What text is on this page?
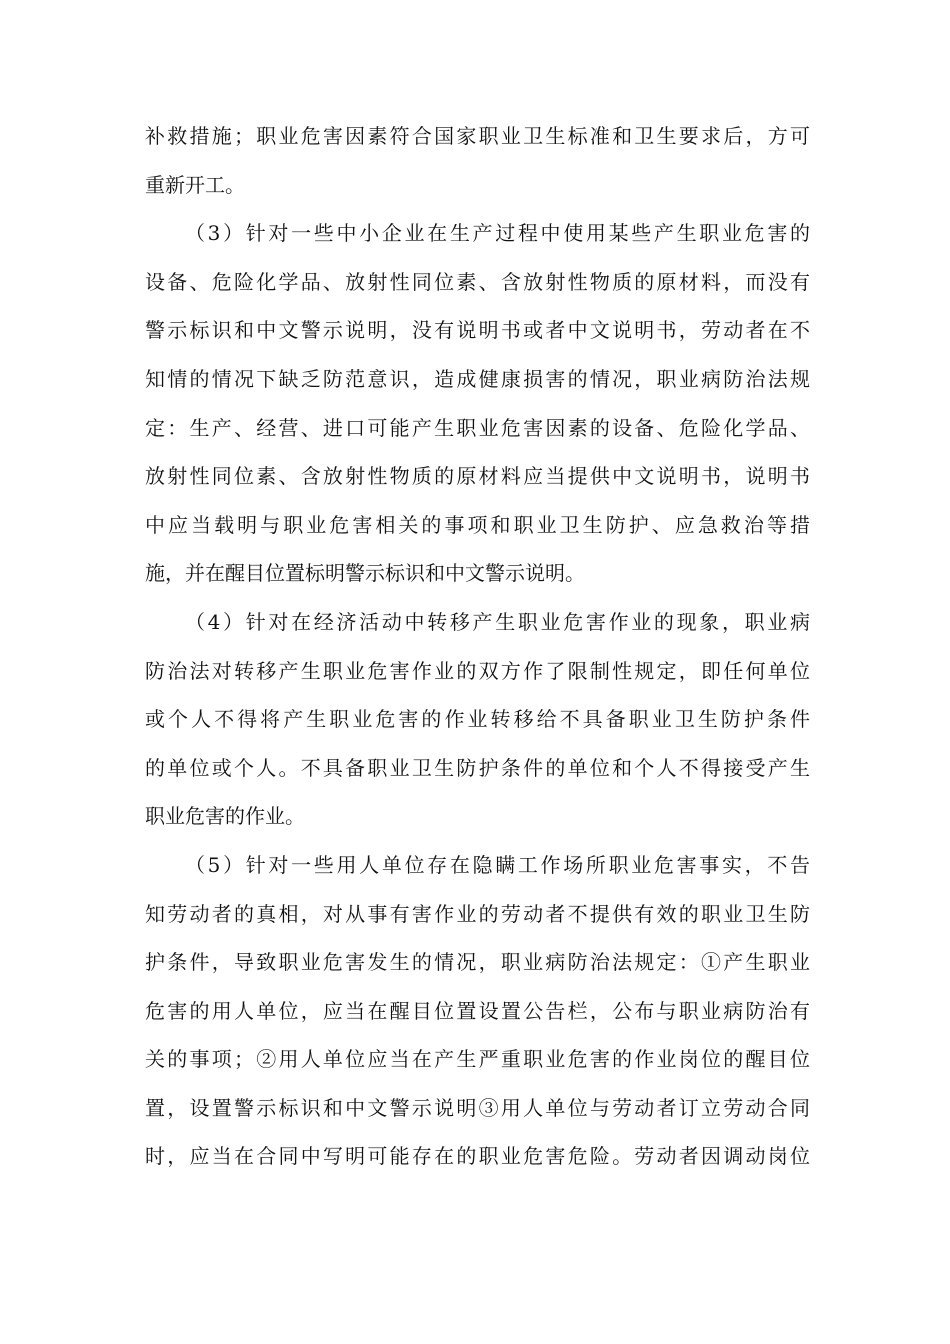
补救措施；职业危害因素符合国家职业卫生标准和卫生要求后，方可
重新开工。
（3）针对一些中小企业在生产过程中使用某些产生职业危害的
设备、危险化学品、放射性同位素、含放射性物质的原材料，而没有
警示标识和中文警示说明，没有说明书或者中文说明书，劳动者在不
知情的情况下缺乏防范意识，造成健康损害的情况，职业病防治法规
定：生产、经营、进口可能产生职业危害因素的设备、危险化学品、
放射性同位素、含放射性物质的原材料应当提供中文说明书，说明书
中应当载明与职业危害相关的事项和职业卫生防护、应急救治等措
施，并在醒目位置标明警示标识和中文警示说明。
（4）针对在经济活动中转移产生职业危害作业的现象，职业病
防治法对转移产生职业危害作业的双方作了限制性规定，即任何单位
或个人不得将产生职业危害的作业转移给不具备职业卫生防护条件
的单位或个人。不具备职业卫生防护条件的单位和个人不得接受产生
职业危害的作业。
（5）针对一些用人单位存在隐瞒工作场所职业危害事实，不告
知劳动者的真相，对从事有害作业的劳动者不提供有效的职业卫生防
护条件，导致职业危害发生的情况，职业病防治法规定：①产生职业
危害的用人单位，应当在醒目位置设置公告栏，公布与职业病防治有
关的事项；②用人单位应当在产生严重职业危害的作业岗位的醒目位
置，设置警示标识和中文警示说明③用人单位与劳动者订立劳动合同
时，应当在合同中写明可能存在的职业危害危险。劳动者因调动岗位
